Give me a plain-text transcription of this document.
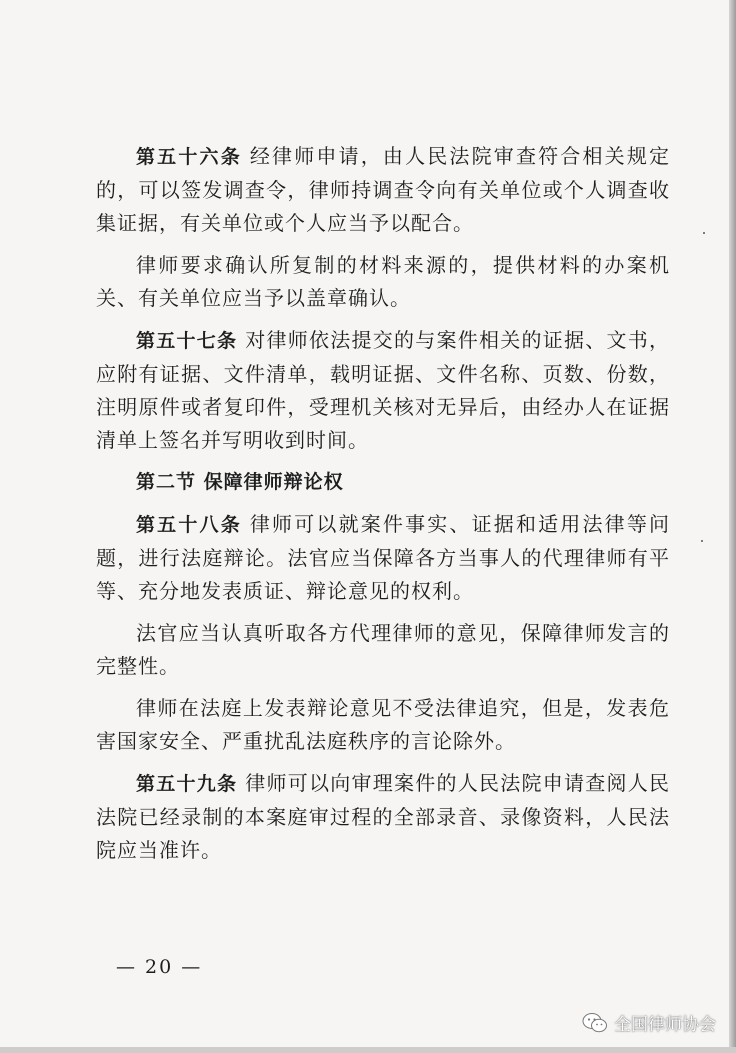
第五十六条 经律师申请，由人民法院审查符合相关规定的，可以签发调查令，律师持调查令向有关单位或个人调查收集证据，有关单位或个人应当予以配合。

律师要求确认所复制的材料来源的，提供材料的办案机关、有关单位应当予以盖章确认。

第五十七条 对律师依法提交的与案件相关的证据、文书，应附有证据、文件清单，载明证据、文件名称、页数、份数，注明原件或者复印件，受理机关核对无异后，由经办人在证据清单上签名并写明收到时间。

第二节 保障律师辩论权

第五十八条 律师可以就案件事实、证据和适用法律等问题，进行法庭辩论。法官应当保障各方当事人的代理律师有平等、充分地发表质证、辩论意见的权利。

法官应当认真听取各方代理律师的意见，保障律师发言的完整性。

律师在法庭上发表辩论意见不受法律追究，但是，发表危害国家安全、严重扰乱法庭秩序的言论除外。

第五十九条 律师可以向审理案件的人民法院申请查阅人民法院已经录制的本案庭审过程的全部录音、录像资料，人民法院应当准许。

— 20 —
全国律师协会
